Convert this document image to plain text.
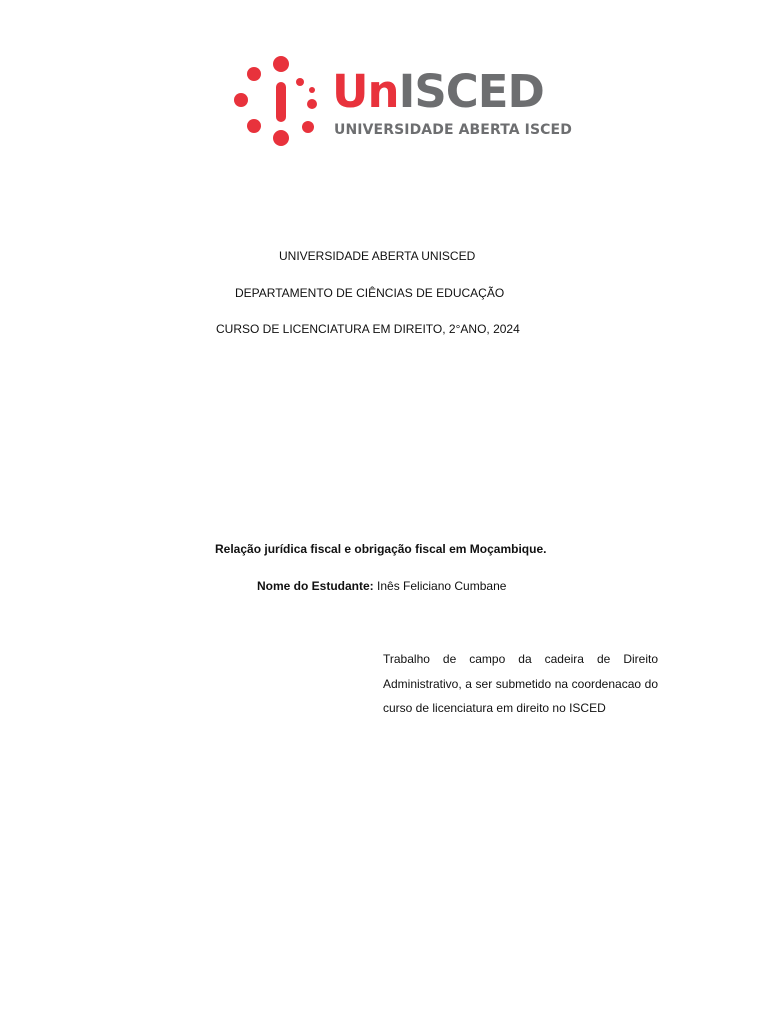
UnISCED
UNIVERSIDADE ABERTA ISCED
UNIVERSIDADE ABERTA UNISCED
DEPARTAMENTO DE CIÊNCIAS DE EDUCAÇÃO
CURSO DE LICENCIATURA EM DIREITO, 2°ANO, 2024
Relação jurídica fiscal e obrigação fiscal em Moçambique.
Nome do Estudante: Inês Feliciano Cumbane
Trabalho de campo da cadeira de Direito Administrativo, a ser submetido na coordenacao do curso de licenciatura em direito no ISCED
